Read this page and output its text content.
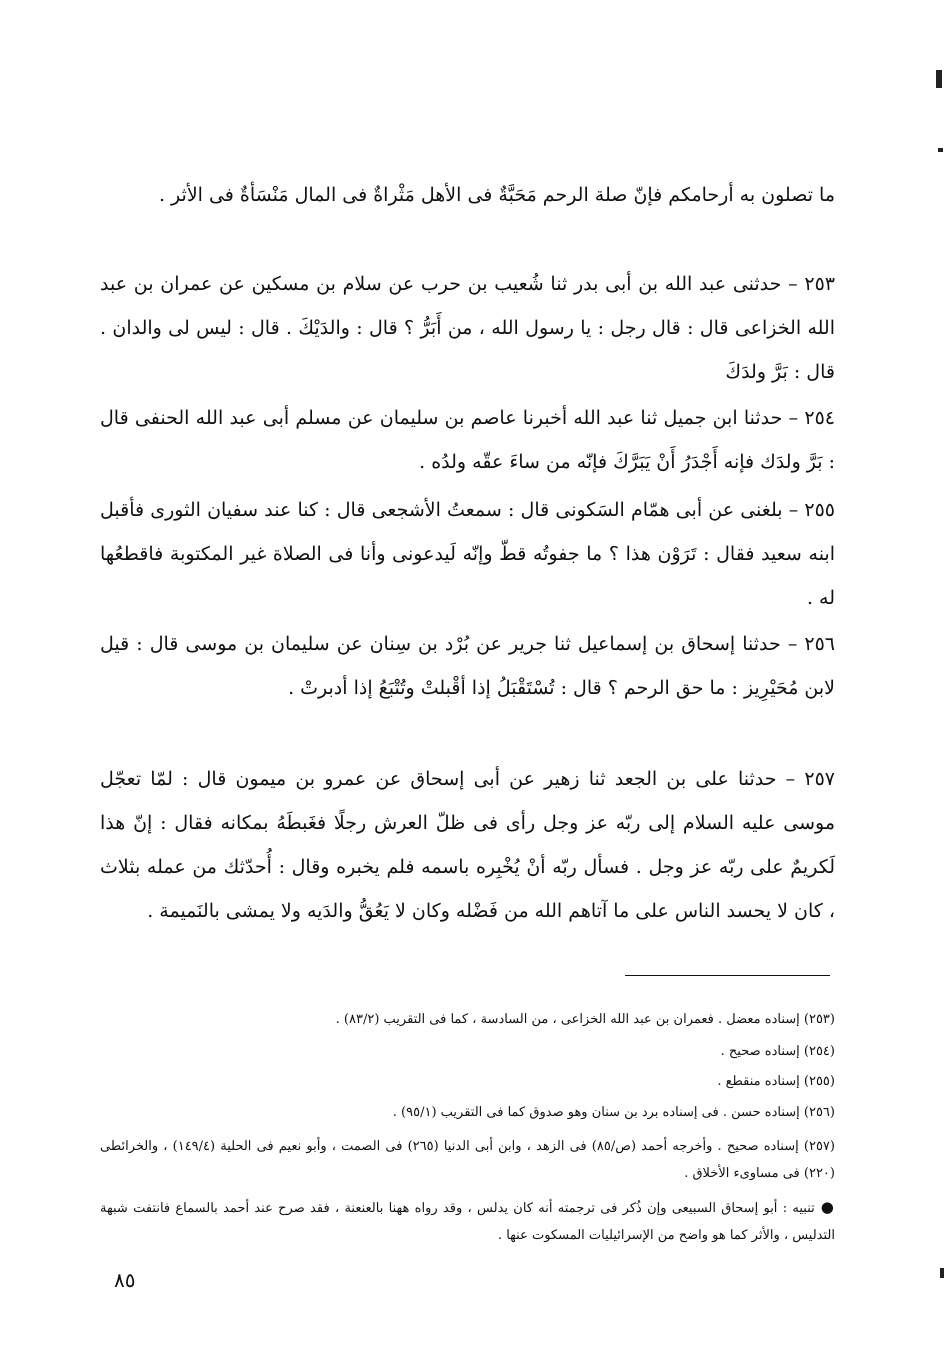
ما تصلون به أرحامكم فإنّ صلة الرحم مَحَبَّةٌ فى الأهل مَثْراةٌ فى المال مَنْسَأةٌ فى الأثر .

٢٥٣ – حدثنى عبد الله بن أبى بدر ثنا شُعيب بن حرب عن سلام بن مسكين عن عمران بن عبد الله الخزاعى قال : قال رجل : يا رسول الله ، من أَبَرُّ ؟ قال : والدَيْكَ . قال : ليس لى والدان . قال : بَرَّ ولدَكَ

٢٥٤ – حدثنا ابن جميل ثنا عبد الله أخبرنا عاصم بن سليمان عن مسلم أبى عبد الله الحنفى قال : بَرَّ ولدَك فإنه أَجْدَرُ أَنْ يَبَرَّكَ فإنّه من ساءَ عقّه ولدُه .

٢٥٥ – بلغنى عن أبى همّام السَكونى قال : سمعتُ الأشجعى قال : كنا عند سفيان الثورى فأقبل ابنه سعيد فقال : تَرَوْن هذا ؟ ما جفوتُه قطّ وإنّه لَيدعونى وأنا فى الصلاة غير المكتوبة فاقطعُها له .

٢٥٦ – حدثنا إسحاق بن إسماعيل ثنا جرير عن بُرْد بن سِنان عن سليمان بن موسى قال : قيل لابن مُحَيْرِيز : ما حق الرحم ؟ قال : تُسْتَقْبَلُ إذا أقْبلتْ وتُتْبَعُ إذا أدبرتْ .

٢٥٧ – حدثنا على بن الجعد ثنا زهير عن أبى إسحاق عن عمرو بن ميمون قال : لمّا تعجّل موسى عليه السلام إلى ربّه عز وجل رأى فى ظلّ العرش رجلًا فغَبطَهُ بمكانه فقال : إنّ هذا لَكريمٌ على ربّه عز وجل . فسأل ربّه أنْ يُخْبِره باسمه فلم يخبره وقال : أُحدّثك من عمله بثلاث ، كان لا يحسد الناس على ما آتاهم الله من فَضْله وكان لا يَعُقُّ والدَيه ولا يمشى بالنَميمة .

(٢٥٣) إسناده معضل . فعمران بن عبد الله الخزاعى ، من السادسة ، كما فى التقريب (٨٣/٢) .

(٢٥٤) إسناده صحيح .

(٢٥٥) إسناده منقطع .

(٢٥٦) إسناده حسن . فى إسناده برد بن سنان وهو صدوق كما فى التقريب (٩٥/١) .

(٢٥٧) إسناده صحيح . وأخرجه أحمد (ص/٨٥) فى الزهد ، وابن أبى الدنيا (٢٦٥) فى الصمت ، وأبو نعيم فى الحلية (١٤٩/٤) ، والخرائطى (٢٢٠) فى مساوىء الأخلاق .

●تنبيه : أبو إسحاق السبيعى وإن ذُكر فى ترجمته أنه كان يدلس ، وقد رواه ههنا بالعنعنة ، فقد صرح عند أحمد بالسماع فانتفت شبهة التدليس ، والأثر كما هو واضح من الإسرائيليات المسكوت عنها .

٨٥
